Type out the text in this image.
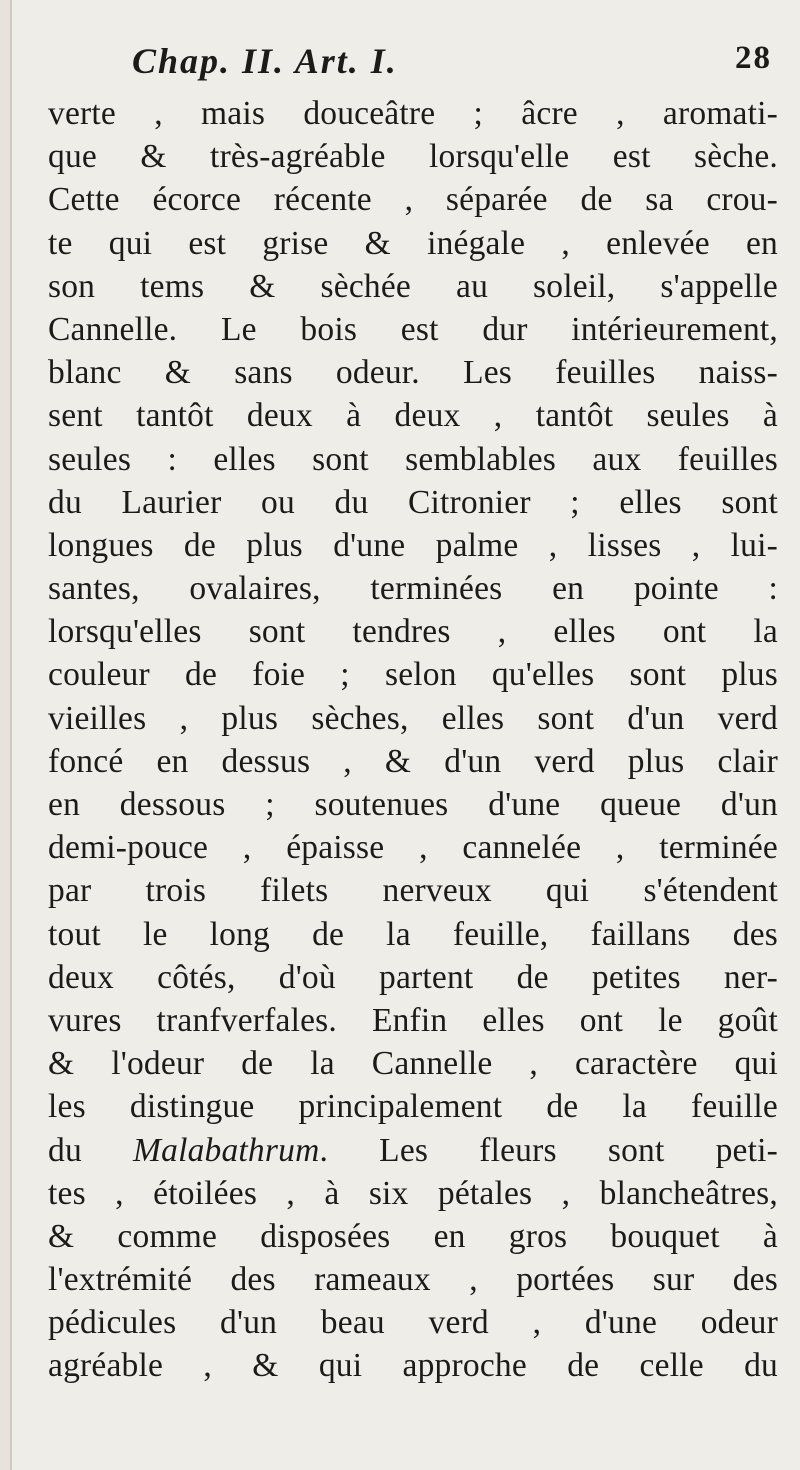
Chap. II. Art. I.	28
verte , mais douceâtre ; âcre , aromati-
que & très-agréable lorsqu'elle est sèche.
Cette écorce récente , séparée de sa crou-
te qui est grise & inégale , enlevée en
son tems & sèchée au soleil, s'appelle
Cannelle. Le bois est dur intérieurement,
blanc & sans odeur. Les feuilles naiss-
sent tantôt deux à deux , tantôt seules à
seules : elles sont semblables aux feuilles
du Laurier ou du Citronier ; elles sont
longues de plus d'une palme , lisses , lui-
santes, ovalaires, terminées en pointe :
lorsqu'elles sont tendres , elles ont la
couleur de foie ; selon qu'elles sont plus
vieilles , plus sèches, elles sont d'un verd
foncé en dessus , & d'un verd plus clair
en dessous ; soutenues d'une queue d'un
demi-pouce , épaisse , cannelée , terminée
par trois filets nerveux qui s'étendent
tout le long de la feuille, faillans des
deux côtés, d'où partent de petites ner-
vures tranfverfales. Enfin elles ont le goût
& l'odeur de la Cannelle , caractère qui
les distingue principalement de la feuille
du Malabathrum. Les fleurs sont peti-
tes , étoilées , à six pétales , blancheâtres,
& comme disposées en gros bouquet à
l'extrémité des rameaux , portées sur des
pédicules d'un beau verd , d'une odeur
agréable , & qui approche de celle du
